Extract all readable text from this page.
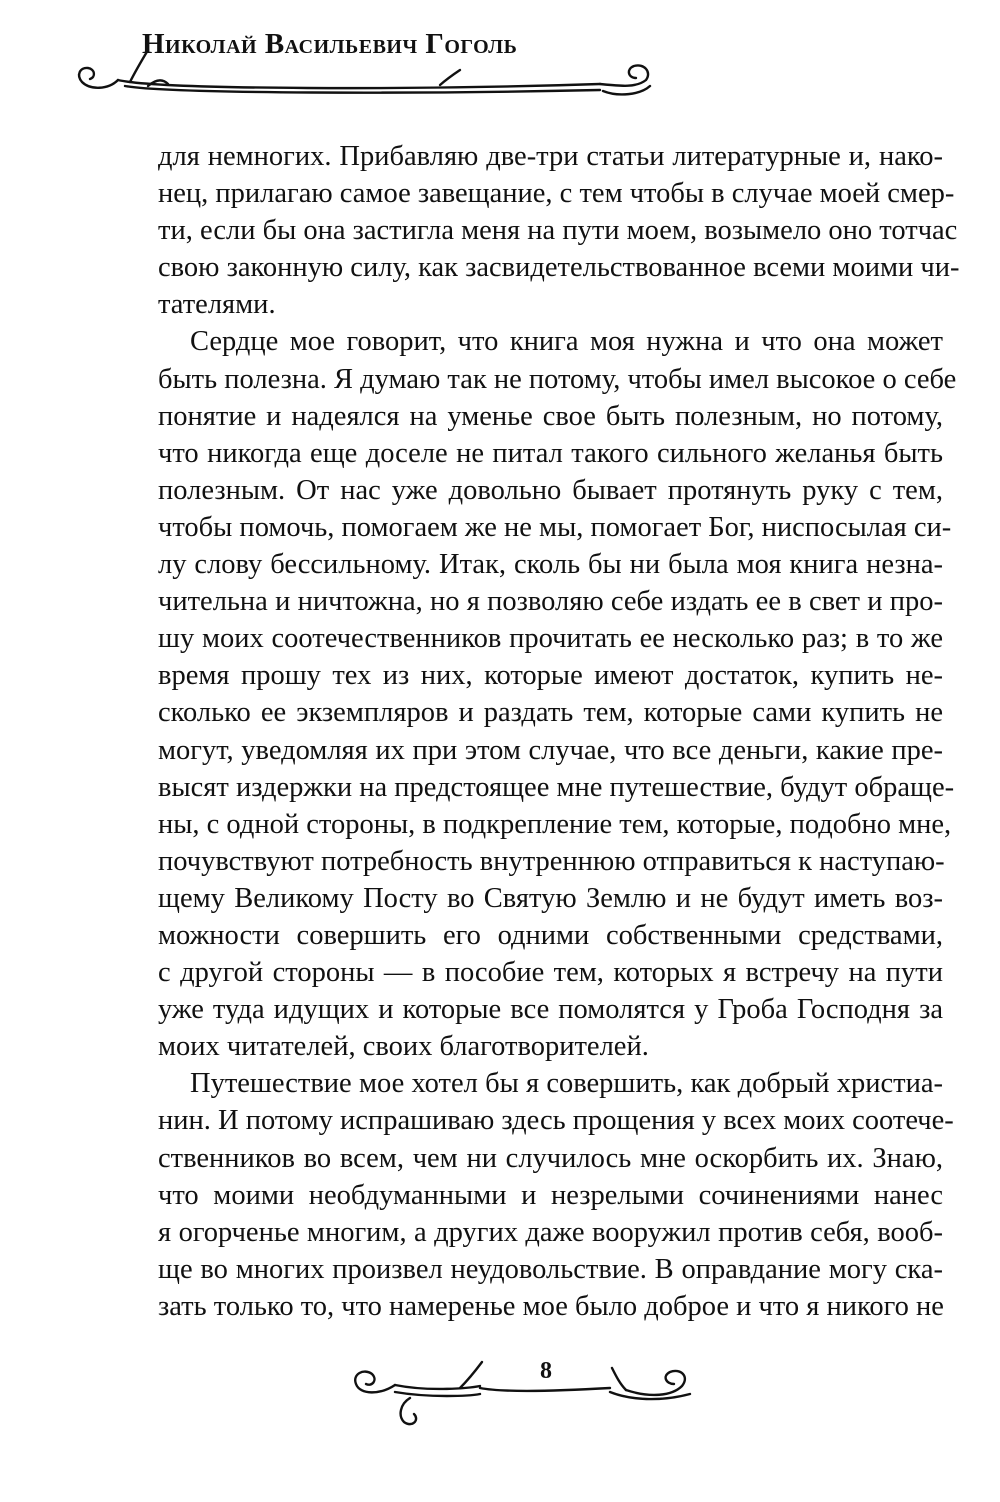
Николай Васильевич Гоголь
для немногих. Прибавляю две-три статьи литературные и, нако-
нец, прилагаю самое завещание, с тем чтобы в случае моей смер-
ти, если бы она застигла меня на пути моем, возымело оно тотчас
свою законную силу, как засвидетельствованное всеми моими чи-
тателями.
Сердце мое говорит, что книга моя нужна и что она может
быть полезна. Я думаю так не потому, чтобы имел высокое о себе
понятие и надеялся на уменье свое быть полезным, но потому,
что никогда еще доселе не питал такого сильного желанья быть
полезным. От нас уже довольно бывает протянуть руку с тем,
чтобы помочь, помогаем же не мы, помогает Бог, ниспосылая си-
лу слову бессильному. Итак, сколь бы ни была моя книга незна-
чительна и ничтожна, но я позволяю себе издать ее в свет и про-
шу моих соотечественников прочитать ее несколько раз; в то же
время прошу тех из них, которые имеют достаток, купить не-
сколько ее экземпляров и раздать тем, которые сами купить не
могут, уведомляя их при этом случае, что все деньги, какие пре-
высят издержки на предстоящее мне путешествие, будут обраще-
ны, с одной стороны, в подкрепление тем, которые, подобно мне,
почувствуют потребность внутреннюю отправиться к наступаю-
щему Великому Посту во Святую Землю и не будут иметь воз-
можности совершить его одними собственными средствами,
с другой стороны — в пособие тем, которых я встречу на пути
уже туда идущих и которые все помолятся у Гроба Господня за
моих читателей, своих благотворителей.
Путешествие мое хотел бы я совершить, как добрый христиа-
нин. И потому испрашиваю здесь прощения у всех моих соотече-
ственников во всем, чем ни случилось мне оскорбить их. Знаю,
что моими необдуманными и незрелыми сочинениями нанес
я огорченье многим, а других даже вооружил против себя, вооб-
ще во многих произвел неудовольствие. В оправдание могу ска-
зать только то, что намеренье мое было доброе и что я никого не
8
